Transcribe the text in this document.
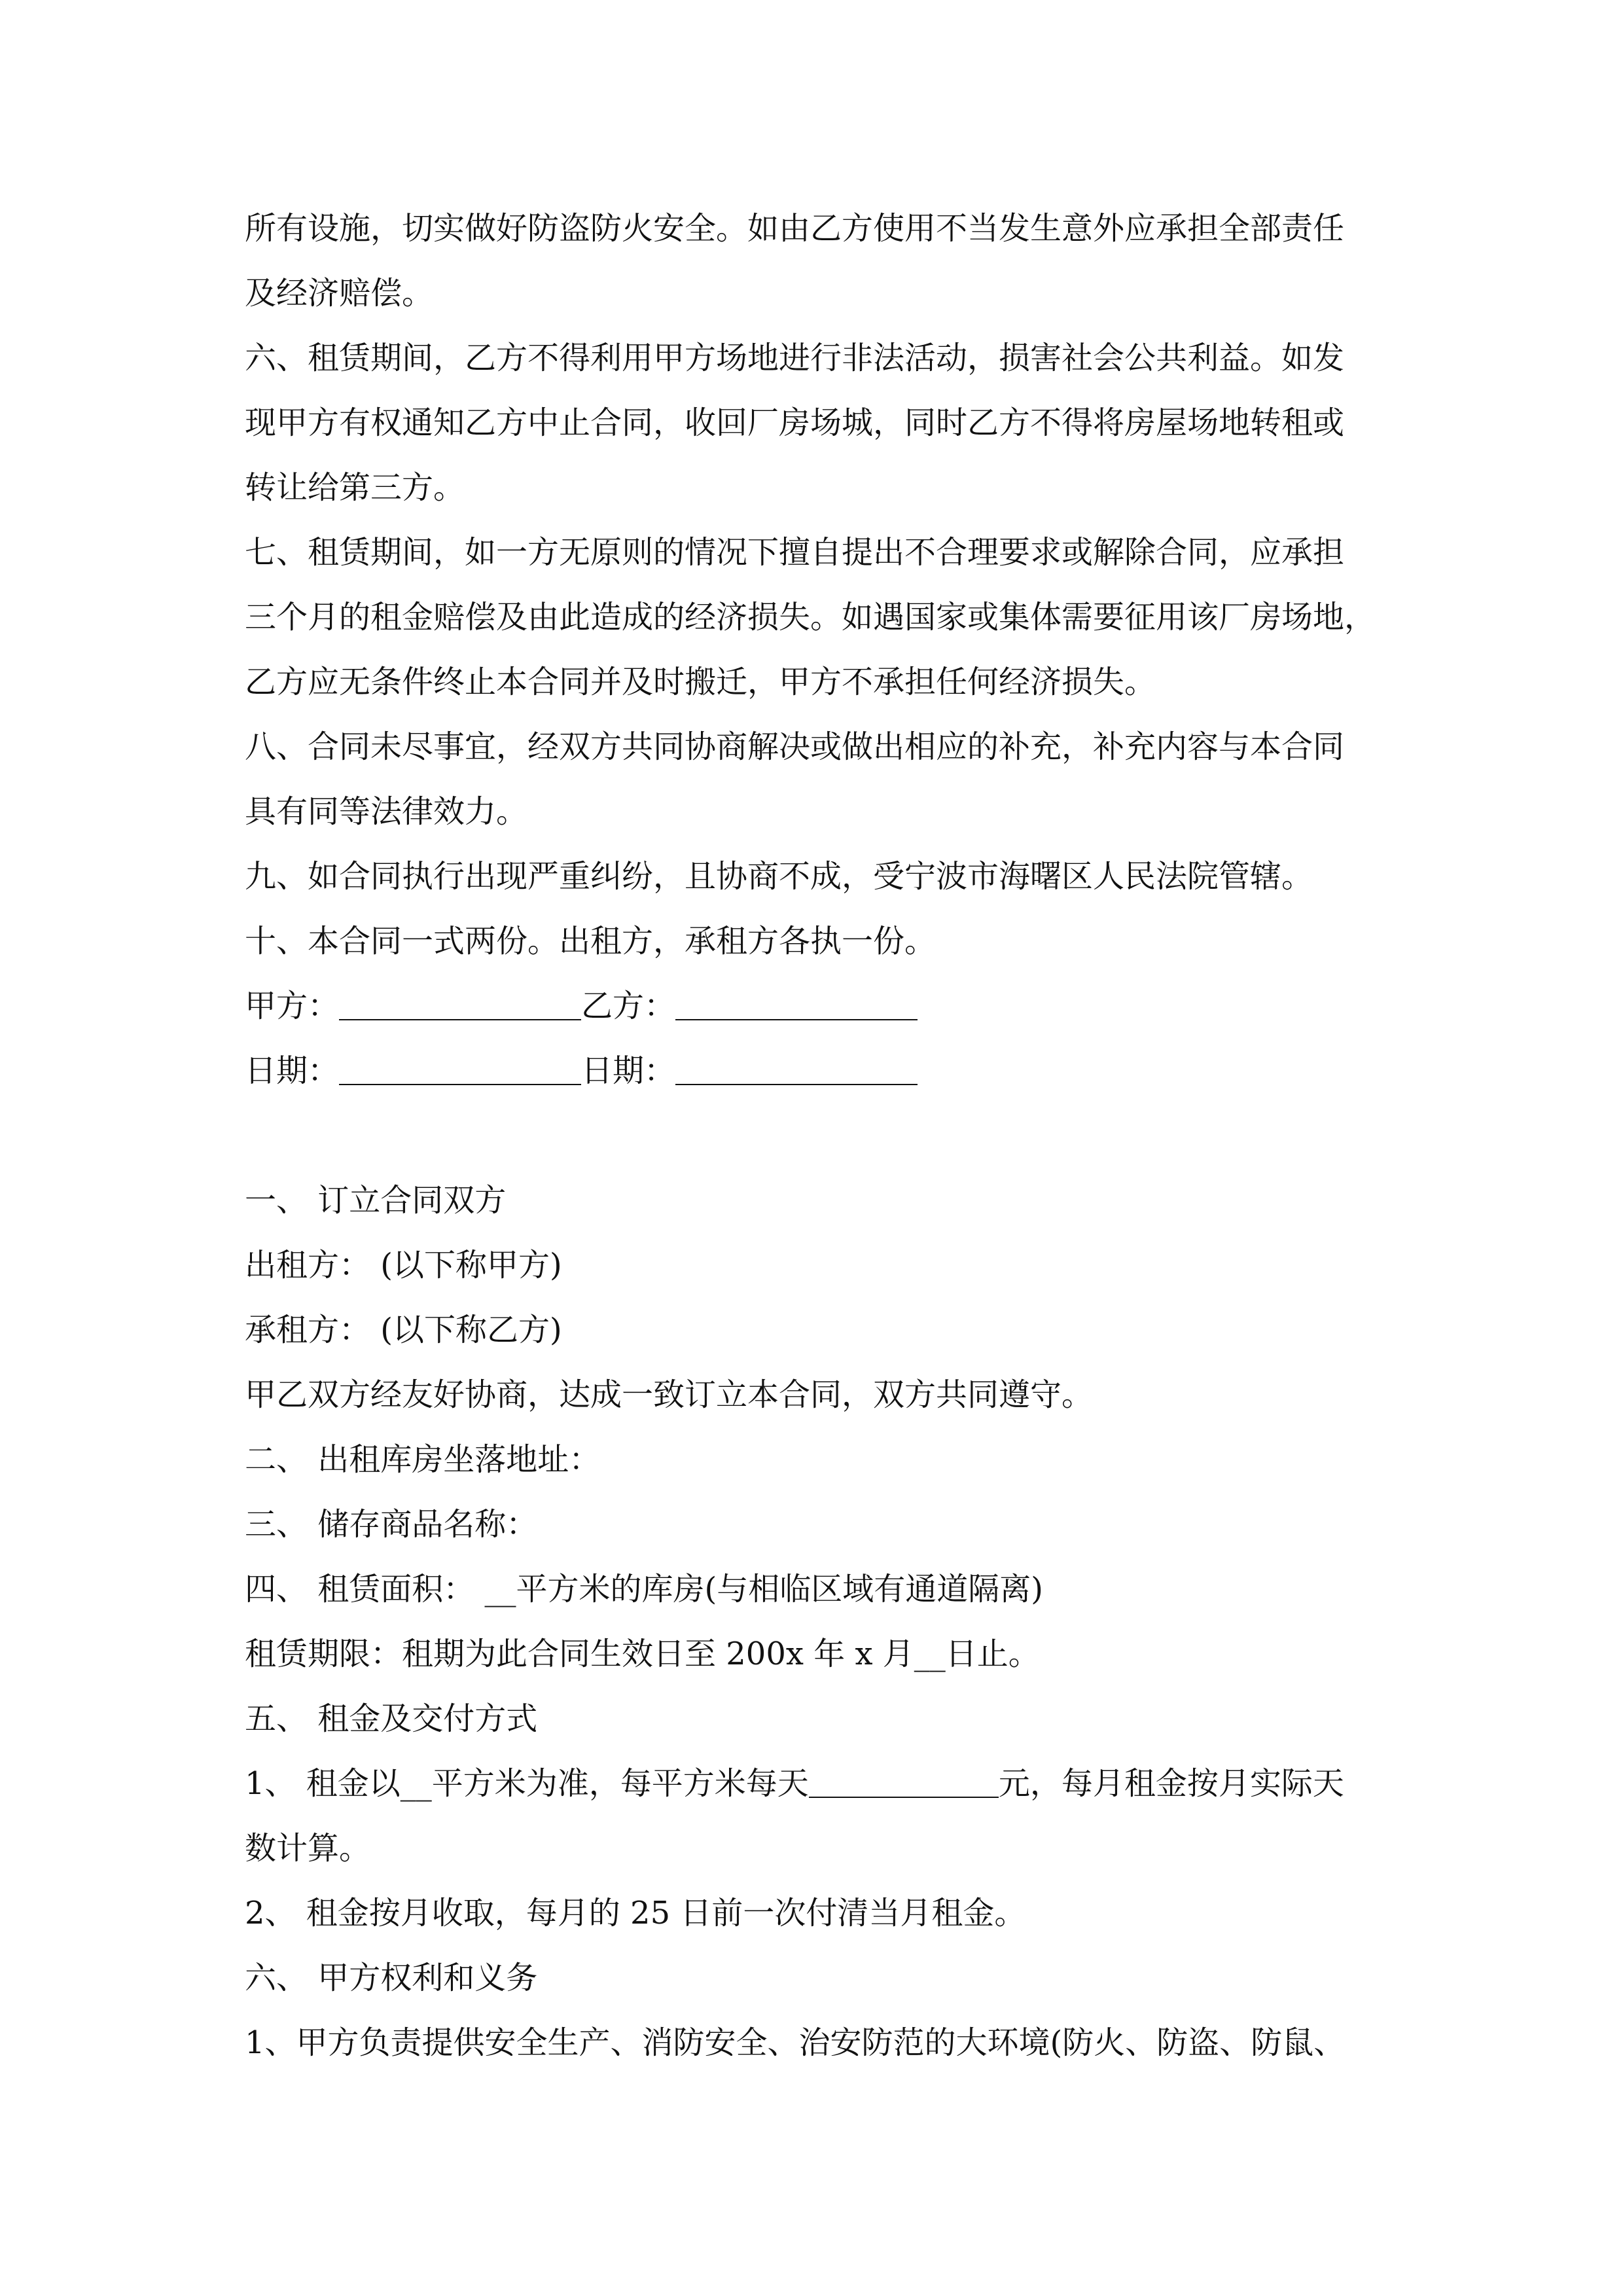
所有设施，切实做好防盗防火安全。如由乙方使用不当发生意外应承担全部责任
及经济赔偿。
六、租赁期间，乙方不得利用甲方场地进行非法活动，损害社会公共利益。如发
现甲方有权通知乙方中止合同，收回厂房场城，同时乙方不得将房屋场地转租或
转让给第三方。
七、租赁期间，如一方无原则的情况下擅自提出不合理要求或解除合同，应承担
三个月的租金赔偿及由此造成的经济损失。如遇国家或集体需要征用该厂房场地，
乙方应无条件终止本合同并及时搬迁，甲方不承担任何经济损失。
八、合同未尽事宜，经双方共同协商解决或做出相应的补充，补充内容与本合同
具有同等法律效力。
九、如合同执行出现严重纠纷，且协商不成，受宁波市海曙区人民法院管辖。
十、本合同一式两份。出租方，承租方各执一份。
甲方：	乙方：
日期：	日期：
一、 订立合同双方
出租方： (以下称甲方)
承租方： (以下称乙方)
甲乙双方经友好协商，达成一致订立本合同，双方共同遵守。
二、 出租库房坐落地址：
三、 储存商品名称：
四、 租赁面积： __平方米的库房(与相临区域有通道隔离)
租赁期限：租期为此合同生效日至 200x 年 x 月__日止。
五、 租金及交付方式
1、 租金以__平方米为准，每平方米每天	元，每月租金按月实际天
数计算。
2、 租金按月收取，每月的 25 日前一次付清当月租金。
六、 甲方权利和义务
1、甲方负责提供安全生产、消防安全、治安防范的大环境(防火、防盗、防鼠、
